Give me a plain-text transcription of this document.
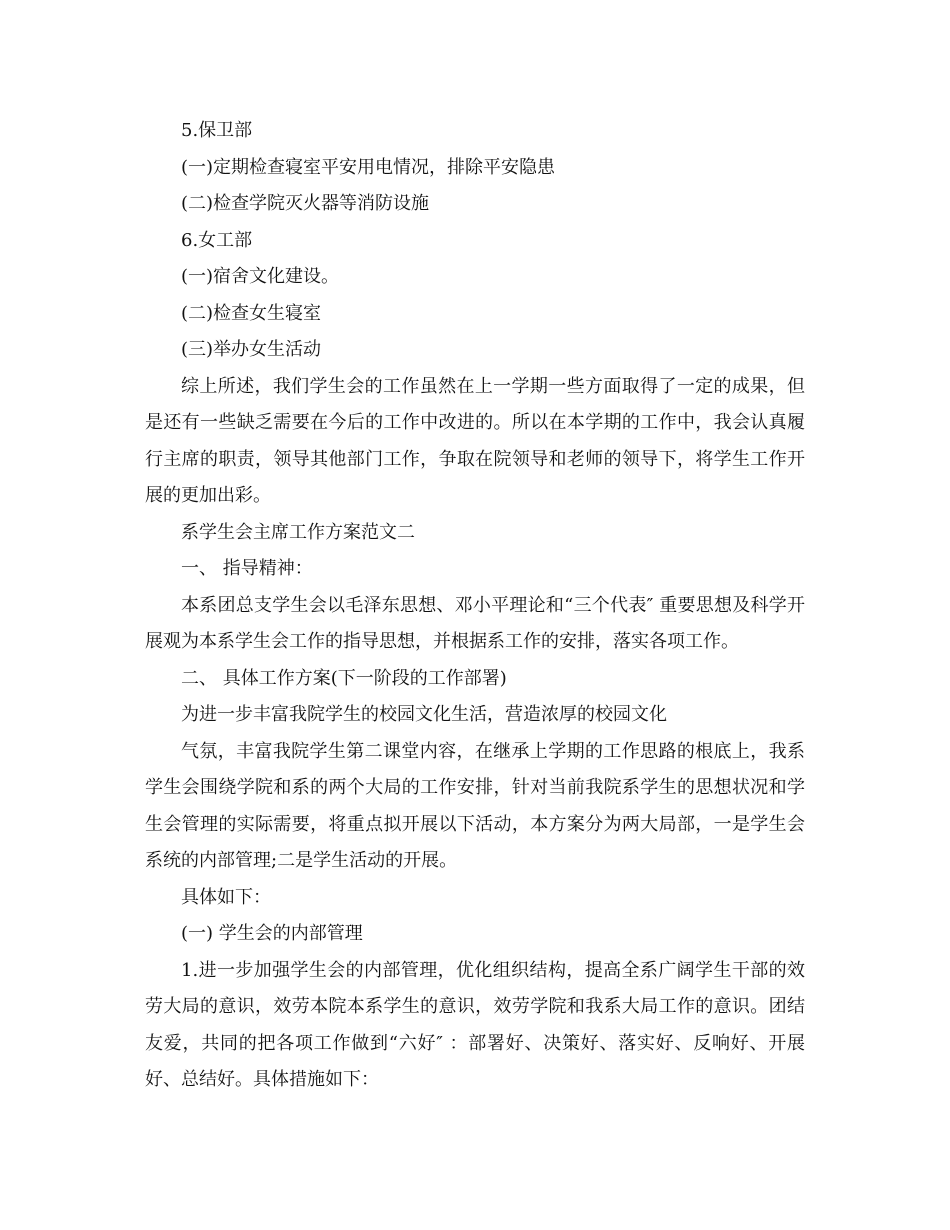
5.保卫部

(一)定期检查寝室平安用电情况，排除平安隐患

(二)检查学院灭火器等消防设施

6.女工部

(一)宿舍文化建设。

(二)检查女生寝室

(三)举办女生活动

综上所述，我们学生会的工作虽然在上一学期一些方面取得了一定的成果，但是还有一些缺乏需要在今后的工作中改进的。所以在本学期的工作中，我会认真履行主席的职责，领导其他部门工作，争取在院领导和老师的领导下，将学生工作开展的更加出彩。

系学生会主席工作方案范文二

一、 指导精神：

本系团总支学生会以毛泽东思想、邓小平理论和“三个代表″ 重要思想及科学开展观为本系学生会工作的指导思想，并根据系工作的安排，落实各项工作。

二、 具体工作方案(下一阶段的工作部署)

为进一步丰富我院学生的校园文化生活，营造浓厚的校园文化

气氛，丰富我院学生第二课堂内容，在继承上学期的工作思路的根底上，我系学生会围绕学院和系的两个大局的工作安排，针对当前我院系学生的思想状况和学生会管理的实际需要，将重点拟开展以下活动，本方案分为两大局部，一是学生会系统的内部管理;二是学生活动的开展。

具体如下：

(一) 学生会的内部管理

1.进一步加强学生会的内部管理，优化组织结构，提高全系广阔学生干部的效劳大局的意识，效劳本院本系学生的意识，效劳学院和我系大局工作的意识。团结友爱，共同的把各项工作做到“六好″ ：部署好、决策好、落实好、反响好、开展好、总结好。具体措施如下：
